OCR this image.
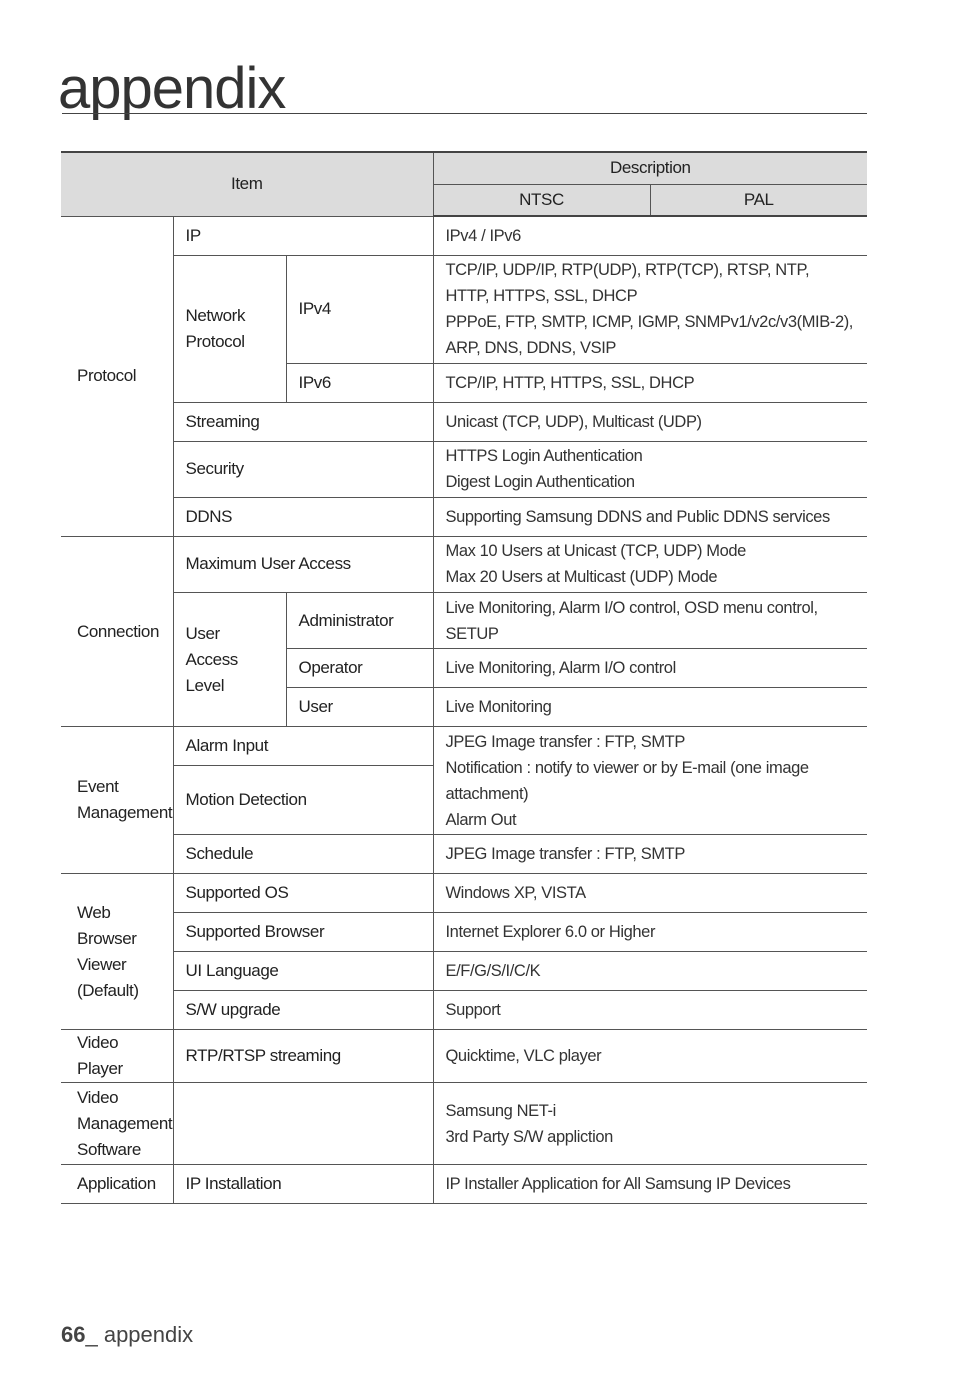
appendix
Item			Description	
			NTSC	PAL
Protocol	IP		IPv4 / IPv6	
	Network Protocol	IPv4	TCP/IP, UDP/IP, RTP(UDP), RTP(TCP), RTSP, NTP, HTTP, HTTPS, SSL, DHCP
PPPoE, FTP, SMTP, ICMP, IGMP, SNMPv1/v2c/v3(MIB-2), ARP, DNS, DDNS, VSIP	

		IPv6	TCP/IP, HTTP, HTTPS, SSL, DHCP	
	Streaming		Unicast (TCP, UDP), Multicast (UDP)	
	Security		HTTPS Login Authentication
Digest Login Authentication	

	DDNS		Supporting Samsung DDNS and Public DDNS services	

Connection	Maximum User Access		Max 10 Users at Unicast (TCP, UDP) Mode
Max 20 Users at Multicast (UDP) Mode	

	User Access Level	Administrator	Live Monitoring, Alarm I/O control, OSD menu control, SETUP	
		Operator	Live Monitoring, Alarm I/O control	
		User	Live Monitoring	
Event Management	Alarm Input		JPEG Image transfer : FTP, SMTP
Notification : notify to viewer or by E-mail (one image attachment)
Alarm Out	

	Motion Detection			
	Schedule		JPEG Image transfer : FTP, SMTP	
Web Browser Viewer (Default)	Supported OS		Windows XP, VISTA	
	Supported Browser		Internet Explorer 6.0 or Higher	
	UI Language		E/F/G/S/I/C/K	
	S/W upgrade		Support	
Video Player	RTP/RTSP streaming		Quicktime, VLC player	
Video Management Software			Samsung NET-i
3rd Party S/W appliction	

Application	IP Installation		IP Installer Application for All Samsung IP Devices	
66_ appendix
